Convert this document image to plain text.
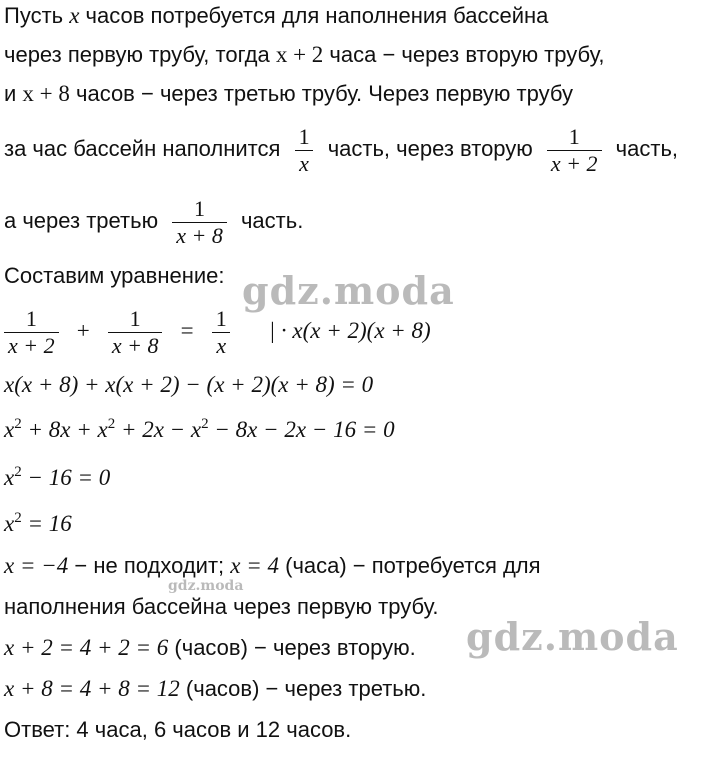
Пусть x часов потребуется для наполнения бассейна
через первую трубу, тогда x + 2 часа − через вторую трубу,
и x + 8 часов − через третью трубу. Через первую трубу
за час бассейн наполнится $\frac{1}{x}$ часть, через вторую $\frac{1}{x + 2}$ часть,
а через третью $\frac{1}{x + 8}$ часть.
Составим уравнение:
$\frac{1}{x + 2} + \frac{1}{x + 8} = \frac{1}{x}$ | · x(x + 2)(x + 8)
x(x + 8) + x(x + 2) − (x + 2)(x + 8) = 0
$x^2 + 8x + x^2 + 2x - x^2 - 8x - 2x - 16 = 0$
$x^2 - 16 = 0$
$x^2 = 16$
x = −4 − не подходит; x = 4 (часа) − потребуется для
наполнения бассейна через первую трубу.
x + 2 = 4 + 2 = 6 (часов) − через вторую.
x + 8 = 4 + 8 = 12 (часов) − через третью.
Ответ: 4 часа, 6 часов и 12 часов.
gdz.moda
gdz.moda
gdz.moda
